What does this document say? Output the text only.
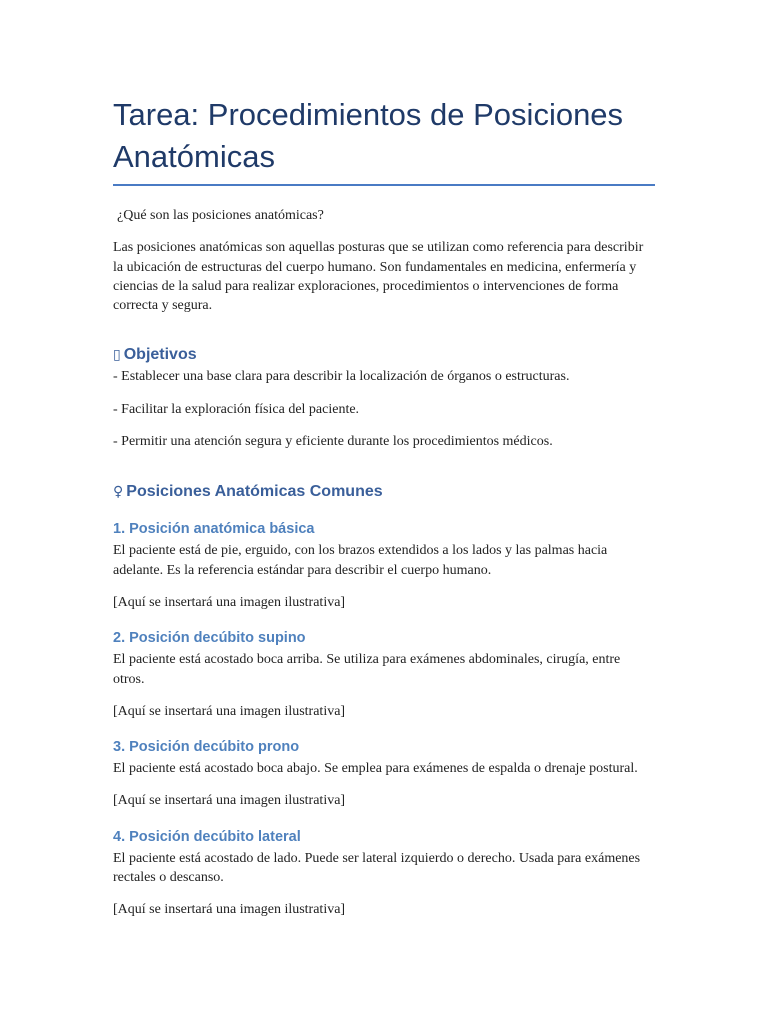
Tarea: Procedimientos de Posiciones Anatómicas

¿Qué son las posiciones anatómicas?

Las posiciones anatómicas son aquellas posturas que se utilizan como referencia para describir la ubicación de estructuras del cuerpo humano. Son fundamentales en medicina, enfermería y ciencias de la salud para realizar exploraciones, procedimientos o intervenciones de forma correcta y segura.

▯ Objetivos

- Establecer una base clara para describir la localización de órganos o estructuras.

- Facilitar la exploración física del paciente.

- Permitir una atención segura y eficiente durante los procedimientos médicos.

♀ Posiciones Anatómicas Comunes
1. Posición anatómica básica

El paciente está de pie, erguido, con los brazos extendidos a los lados y las palmas hacia adelante. Es la referencia estándar para describir el cuerpo humano.

[Aquí se insertará una imagen ilustrativa]

2. Posición decúbito supino

El paciente está acostado boca arriba. Se utiliza para exámenes abdominales, cirugía, entre otros.

[Aquí se insertará una imagen ilustrativa]

3. Posición decúbito prono

El paciente está acostado boca abajo. Se emplea para exámenes de espalda o drenaje postural.

[Aquí se insertará una imagen ilustrativa]

4. Posición decúbito lateral

El paciente está acostado de lado. Puede ser lateral izquierdo o derecho. Usada para exámenes rectales o descanso.

[Aquí se insertará una imagen ilustrativa]
